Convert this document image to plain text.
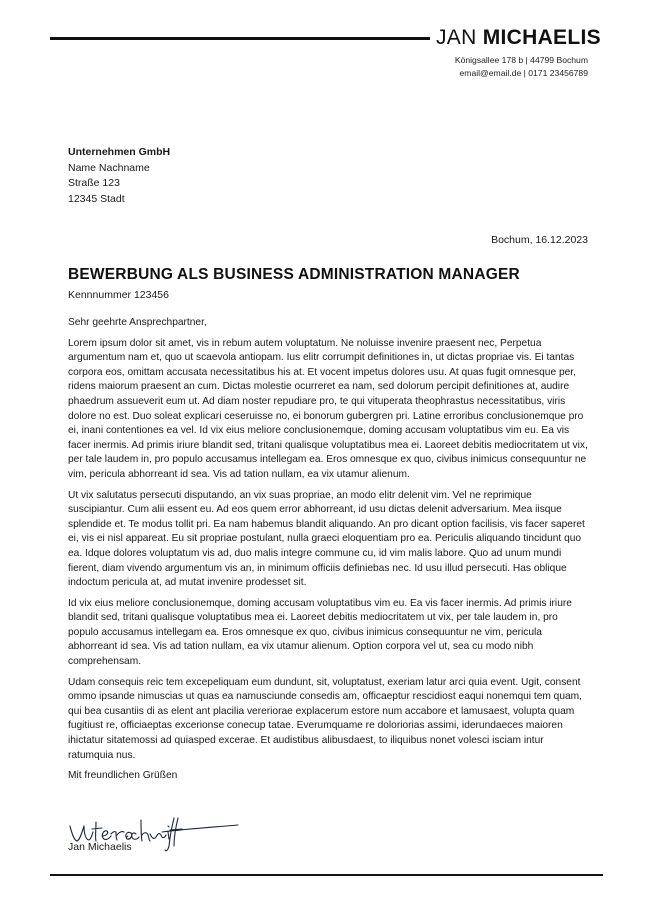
JAN MICHAELIS
Königsallee 178 b | 44799 Bochum
email@email.de | 0171 23456789
Unternehmen GmbH
Name Nachname
Straße 123
12345 Stadt
Bochum, 16.12.2023
BEWERBUNG ALS BUSINESS ADMINISTRATION MANAGER
Kennnummer 123456

Sehr geehrte Ansprechpartner,

Lorem ipsum dolor sit amet, vis in rebum autem voluptatum. Ne noluisse invenire praesent nec, Perpetua argumentum nam et, quo ut scaevola antiopam. Ius elitr corrumpit definitiones in, ut dictas propriae vis. Ei tantas corpora eos, omittam accusata necessitatibus his at. Et vocent impetus dolores usu. At quas fugit omnesque per, ridens maiorum praesent an cum. Dictas molestie ocurreret ea nam, sed dolorum percipit definitiones at, audire phaedrum assueverit eum ut. Ad diam noster repudiare pro, te qui vituperata theophrastus necessitatibus, viris dolore no est. Duo soleat explicari ceseruisse no, ei bonorum gubergren pri. Latine erroribus conclusionemque pro ei, inani contentiones ea vel. Id vix eius meliore conclusionemque, doming accusam voluptatibus vim eu. Ea vis facer inermis. Ad primis iriure blandit sed, tritani qualisque voluptatibus mea ei. Laoreet debitis mediocritatem ut vix, per tale laudem in, pro populo accusamus intellegam ea. Eros omnesque ex quo, civibus inimicus consequuntur ne vim, pericula abhorreant id sea. Vis ad tation nullam, ea vix utamur alienum.

Ut vix salutatus persecuti disputando, an vix suas propriae, an modo elitr delenit vim. Vel ne reprimique suscipiantur. Cum alii essent eu. Ad eos quem error abhorreant, id usu dictas delenit adversarium. Mea iisque splendide et. Te modus tollit pri. Ea nam habemus blandit aliquando. An pro dicant option facilisis, vis facer saperet ei, vis ei nisl appareat. Eu sit propriae postulant, nulla graeci eloquentiam pro ea. Periculis aliquando tincidunt quo ea. Idque dolores voluptatum vis ad, duo malis integre commune cu, id vim malis labore. Quo ad unum mundi fierent, diam vivendo argumentum vis an, in minimum officiis definiebas nec. Id usu illud persecuti. Has oblique indoctum pericula at, ad mutat invenire prodesset sit.

Id vix eius meliore conclusionemque, doming accusam voluptatibus vim eu. Ea vis facer inermis. Ad primis iriure blandit sed, tritani qualisque voluptatibus mea ei. Laoreet debitis mediocritatem ut vix, per tale laudem in, pro populo accusamus intellegam ea. Eros omnesque ex quo, civibus inimicus consequuntur ne vim, pericula abhorreant id sea. Vis ad tation nullam, ea vix utamur alienum. Option corpora vel ut, sea cu modo nibh comprehensam.

Udam consequis reic tem excepeliquam eum dundunt, sit, voluptatust, exeriam latur arci quia event. Ugit, consent ommo ipsande nimuscias ut quas ea namusciunde consedis am, officaeptur rescidiost eaqui nonemqui tem quam, qui bea cusantiis di as elent ant placilia vereriorae explacerum estore num accabore et lamusaest, volupta quam fugitiust re, officiaeptas excerionse conecup tatae. Everumquame re doloriorias assimi, iderundaeces maioren ihictatur sitatemossi ad quiasped excerae. Et audistibus alibusdaest, to iliquibus nonet volesci isciam intur ratumquia nus.

Mit freundlichen Grüßen

Jan Michaelis
